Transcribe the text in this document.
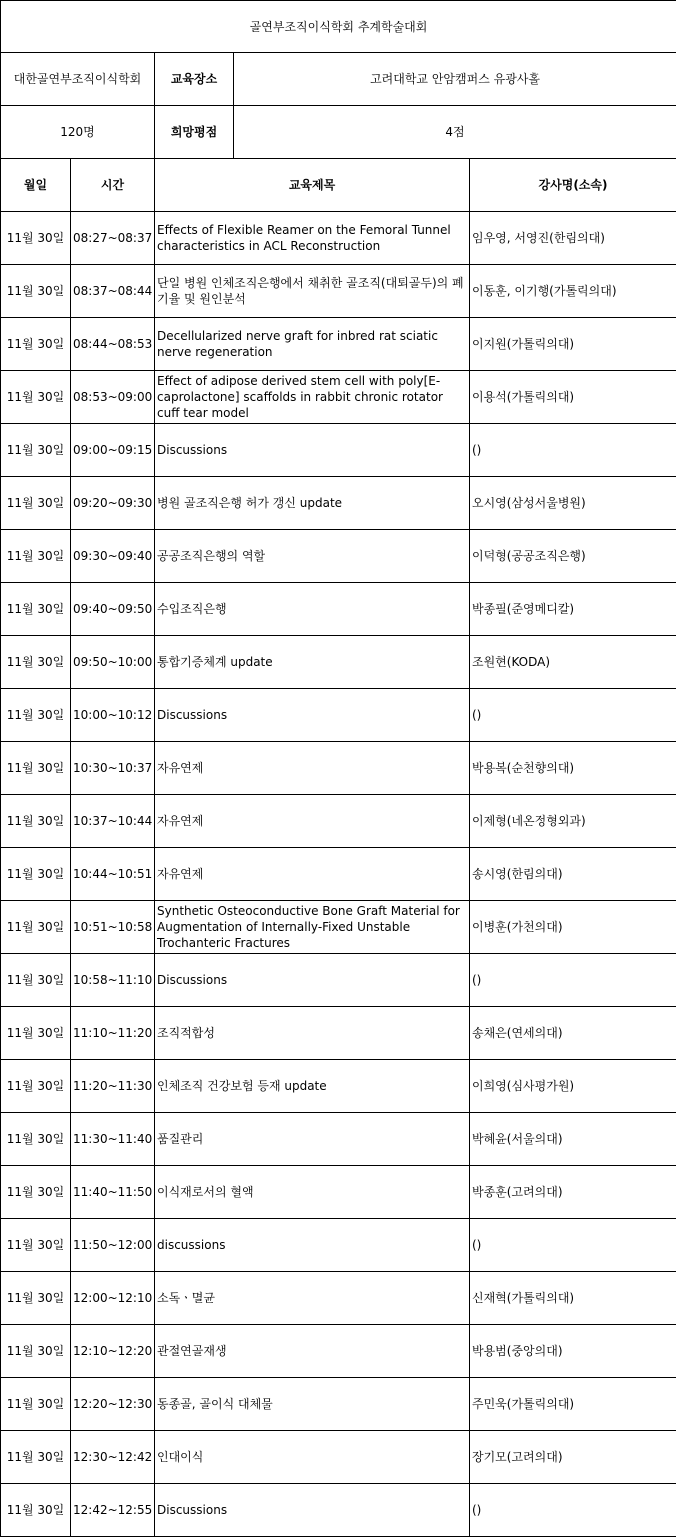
골연부조직이식학회 추계학술대회				
대한골연부조직이식학회		교육장소	고려대학교 안암캠퍼스 유광사홀	
120명		희망평점	4점	
월일	시간	교육제목		강사명(소속)
11월 30일	08:27~08:37	Effects of Flexible Reamer on the Femoral Tunnel characteristics in ACL Reconstruction		임우영, 서영진(한림의대)
11월 30일	08:37~08:44	단일 병원 인체조직은행에서 채취한 골조직(대퇴골두)의 폐기율 및 원인분석		이동훈, 이기행(가톨릭의대)
11월 30일	08:44~08:53	Decellularized nerve graft for inbred rat sciatic nerve regeneration		이지원(가톨릭의대)
11월 30일	08:53~09:00	Effect of adipose derived stem cell with poly[E-caprolactone] scaffolds in rabbit chronic rotator cuff tear model		이용석(가톨릭의대)
11월 30일	09:00~09:15	Discussions		()
11월 30일	09:20~09:30	병원 골조직은행 허가 갱신 update		오시영(삼성서울병원)
11월 30일	09:30~09:40	공공조직은행의 역할		이덕형(공공조직은행)
11월 30일	09:40~09:50	수입조직은행		박종필(준영메디칼)
11월 30일	09:50~10:00	통합기증체계 update		조원현(KODA)
11월 30일	10:00~10:12	Discussions		()
11월 30일	10:30~10:37	자유연제		박용복(순천향의대)
11월 30일	10:37~10:44	자유연제		이제형(네온정형외과)
11월 30일	10:44~10:51	자유연제		송시영(한림의대)
11월 30일	10:51~10:58	Synthetic Osteoconductive Bone Graft Material for Augmentation of Internally-Fixed Unstable Trochanteric Fractures		이병훈(가천의대)
11월 30일	10:58~11:10	Discussions		()
11월 30일	11:10~11:20	조직적합성		송채은(연세의대)
11월 30일	11:20~11:30	인체조직 건강보험 등재 update		이희영(심사평가원)
11월 30일	11:30~11:40	품질관리		박혜윤(서울의대)
11월 30일	11:40~11:50	이식재로서의 혈액		박종훈(고려의대)
11월 30일	11:50~12:00	discussions		()
11월 30일	12:00~12:10	소독ㆍ멸균		신재혁(가톨릭의대)
11월 30일	12:10~12:20	관절연골재생		박용범(중앙의대)
11월 30일	12:20~12:30	동종골, 골이식 대체물		주민욱(가톨릭의대)
11월 30일	12:30~12:42	인대이식		장기모(고려의대)
11월 30일	12:42~12:55	Discussions		()
